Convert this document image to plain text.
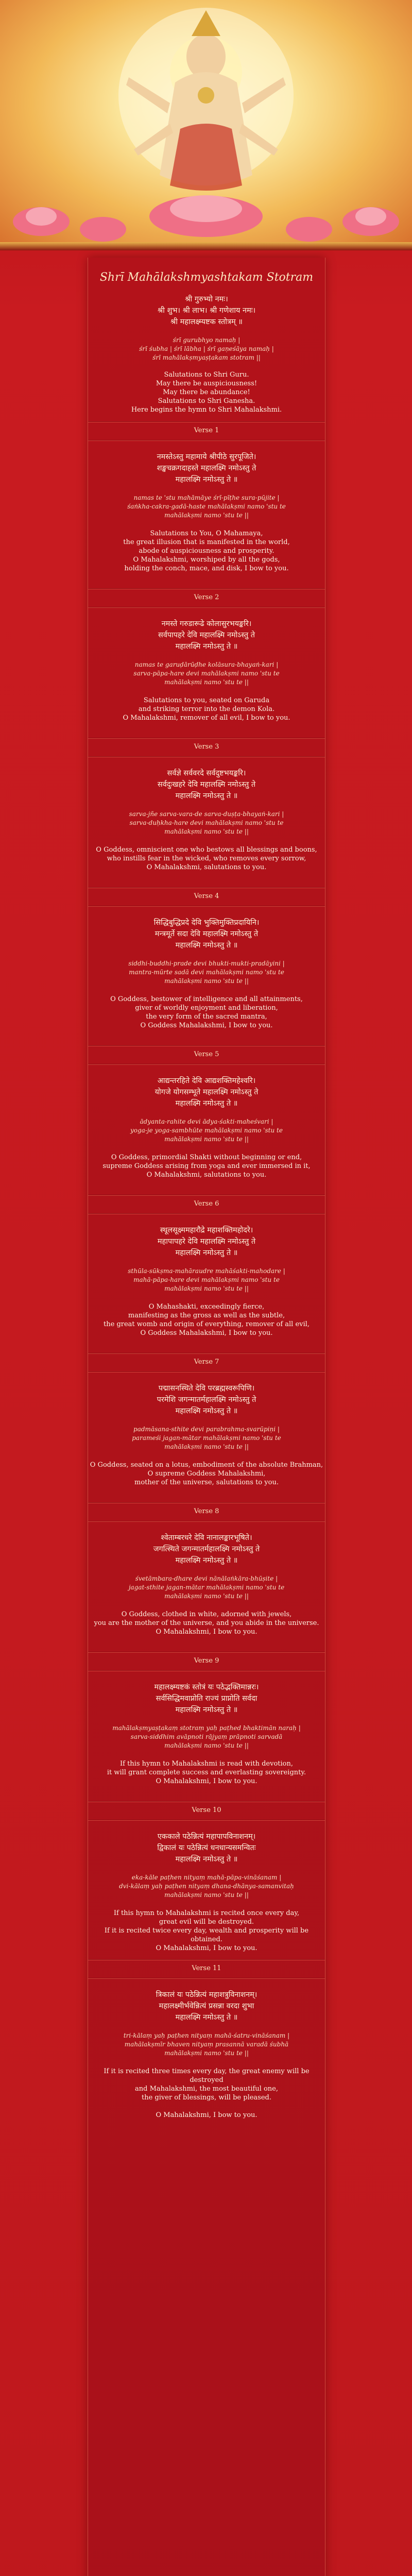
Shrī Mahālakshmyashtakam Stotram
श्री गुरुभ्यो नमः।
श्री शुभ। श्री लाभ। श्री गणेशाय नमः।
श्री महालक्ष्म्यष्टक स्तोत्रम् ॥
śrī gurubhyo namaḥ |
śrī śubha | śrī lābha | śrī gaṇeśāya namaḥ |
śrī mahālakṣmyaṣṭakam stotram ||
Salutations to Shri Guru.
May there be auspiciousness!
May there be abundance!
Salutations to Shri Ganesha.
Here begins the hymn to Shri Mahalakshmi.
Verse 1
नमस्तेऽस्तु महामाये श्रीपीठे सुरपूजिते।
शङ्खचक्रगदाहस्ते महालक्ष्मि नमोऽस्तु ते
महालक्ष्मि नमोऽस्तु ते ॥
namas te 'stu mahāmāye śrī-pīṭhe sura-pūjite |
śaṅkha-cakra-gadā-haste mahālakṣmi namo 'stu te
mahālakṣmi namo 'stu te ||
Salutations to You, O Mahamaya,
the great illusion that is manifested in the world,
abode of auspiciousness and prosperity.
O Mahalakshmi, worshiped by all the gods,
holding the conch, mace, and disk, I bow to you.
Verse 2
नमस्ते गरुडारूढे कोलासुरभयङ्करि।
सर्वपापहरे देवि महालक्ष्मि नमोऽस्तु ते
महालक्ष्मि नमोऽस्तु ते ॥
namas te garuḍārūḍhe kolāsura-bhayaṅ-kari |
sarva-pāpa-hare devi mahālakṣmi namo 'stu te
mahālakṣmi namo 'stu te ||
Salutations to you, seated on Garuda
and striking terror into the demon Kola.
O Mahalakshmi, remover of all evil, I bow to you.
Verse 3
सर्वज्ञे सर्ववरदे सर्वदुष्टभयङ्करि।
सर्वदुःखहरे देवि महालक्ष्मि नमोऽस्तु ते
महालक्ष्मि नमोऽस्तु ते ॥
sarva-jñe sarva-vara-de sarva-duṣṭa-bhayaṅ-kari |
sarva-duḥkha-hare devi mahālakṣmi namo 'stu te
mahālakṣmi namo 'stu te ||
O Goddess, omniscient one who bestows all blessings and boons,
who instills fear in the wicked, who removes every sorrow,
O Mahalakshmi, salutations to you.
Verse 4
सिद्धिबुद्धिप्रदे देवि भुक्तिमुक्तिप्रदायिनि।
मन्त्रमूर्ते सदा देवि महालक्ष्मि नमोऽस्तु ते
महालक्ष्मि नमोऽस्तु ते ॥
siddhi-buddhi-prade devi bhukti-mukti-pradāyini |
mantra-mūrte sadā devi mahālakṣmi namo 'stu te
mahālakṣmi namo 'stu te ||
O Goddess, bestower of intelligence and all attainments,
giver of worldly enjoyment and liberation,
the very form of the sacred mantra,
O Goddess Mahalakshmi, I bow to you.
Verse 5
आद्यन्तरहिते देवि आद्यशक्तिमहेश्वरि।
योगजे योगसम्भूते महालक्ष्मि नमोऽस्तु ते
महालक्ष्मि नमोऽस्तु ते ॥
ādyanta-rahite devi ādya-śakti-maheśvari |
yoga-je yoga-sambhūte mahālakṣmi namo 'stu te
mahālakṣmi namo 'stu te ||
O Goddess, primordial Shakti without beginning or end,
supreme Goddess arising from yoga and ever immersed in it,
O Mahalakshmi, salutations to you.
Verse 6
स्थूलसूक्ष्ममहारौद्रे महाशक्तिमहोदरे।
महापापहरे देवि महालक्ष्मि नमोऽस्तु ते
महालक्ष्मि नमोऽस्तु ते ॥
sthūla-sūkṣma-mahāraudre mahāśakti-mahodare |
mahā-pāpa-hare devi mahālakṣmi namo 'stu te
mahālakṣmi namo 'stu te ||
O Mahashakti, exceedingly fierce,
manifesting as the gross as well as the subtle,
the great womb and origin of everything, remover of all evil,
O Goddess Mahalakshmi, I bow to you.
Verse 7
पद्मासनस्थिते देवि परब्रह्मस्वरूपिणि।
परमेशि जगन्मातर्महालक्ष्मि नमोऽस्तु ते
महालक्ष्मि नमोऽस्तु ते ॥
padmāsana-sthite devi parabrahma-svarūpiṇi |
parameśi jagan-mātar mahālakṣmi namo 'stu te
mahālakṣmi namo 'stu te ||
O Goddess, seated on a lotus, embodiment of the absolute Brahman,
O supreme Goddess Mahalakshmi,
mother of the universe, salutations to you.
Verse 8
श्वेताम्बरधरे देवि नानालङ्कारभूषिते।
जगत्स्थिते जगन्मातर्महालक्ष्मि नमोऽस्तु ते
महालक्ष्मि नमोऽस्तु ते ॥
śvetāmbara-dhare devi nānālaṅkāra-bhūṣite |
jagat-sthite jagan-mātar mahālakṣmi namo 'stu te
mahālakṣmi namo 'stu te ||
O Goddess, clothed in white, adorned with jewels,
you are the mother of the universe, and you abide in the universe.
O Mahalakshmi, I bow to you.
Verse 9
महालक्ष्म्यष्टकं स्तोत्रं यः पठेद्भक्तिमान्नरः।
सर्वसिद्धिमवाप्नोति राज्यं प्राप्नोति सर्वदा
महालक्ष्मि नमोऽस्तु ते ॥
mahālakṣmyaṣṭakaṃ stotraṃ yaḥ paṭhed bhaktimān naraḥ |
sarva-siddhim avāpnoti rājyaṃ prāpnoti sarvadā
mahālakṣmi namo 'stu te ||
If this hymn to Mahalakshmi is read with devotion,
it will grant complete success and everlasting sovereignty.
O Mahalakshmi, I bow to you.
Verse 10
एककाले पठेन्नित्यं महापापविनाशनम्।
द्विकालं यः पठेन्नित्यं धनधान्यसमन्वितः
महालक्ष्मि नमोऽस्तु ते ॥
eka-kāle paṭhen nityaṃ mahā-pāpa-vināśanam |
dvi-kālaṃ yaḥ paṭhen nityaṃ dhana-dhānya-samanvitaḥ
mahālakṣmi namo 'stu te ||
If this hymn to Mahalakshmi is recited once every day,
great evil will be destroyed.
If it is recited twice every day, wealth and prosperity will be obtained.
O Mahalakshmi, I bow to you.
Verse 11
त्रिकालं यः पठेन्नित्यं महाशत्रुविनाशनम्।
महालक्ष्मीर्भवेन्नित्यं प्रसन्ना वरदा शुभा
महालक्ष्मि नमोऽस्तु ते ॥
tri-kālaṃ yaḥ paṭhen nityaṃ mahā-śatru-vināśanam |
mahālakṣmīr bhaven nityaṃ prasannā varadā śubhā
mahālakṣmi namo 'stu te ||
If it is recited three times every day, the great enemy will be destroyed
and Mahalakshmi, the most beautiful one,
the giver of blessings, will be pleased.

O Mahalakshmi, I bow to you.
